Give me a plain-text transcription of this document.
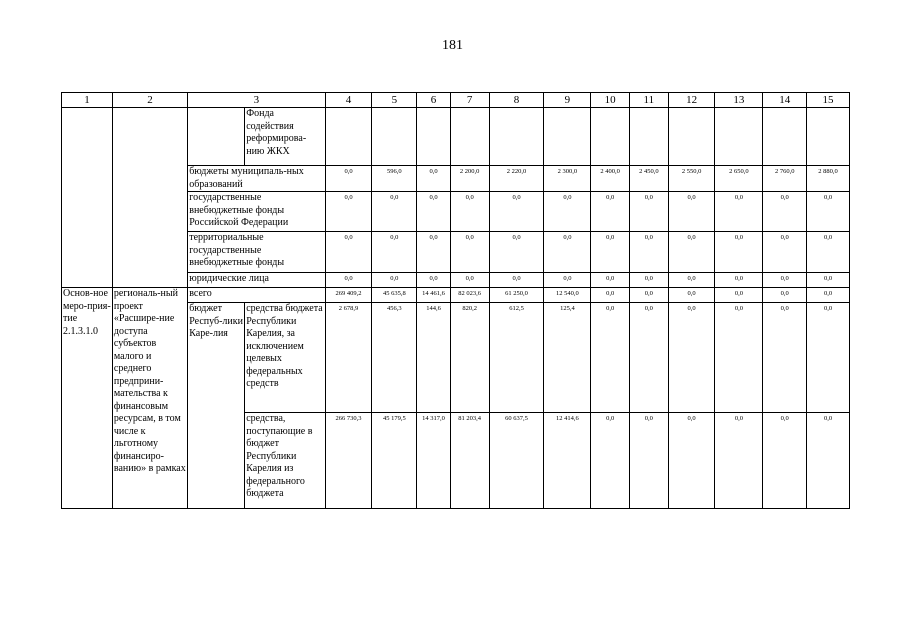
181
1	2	3		4	5	6	7	8	9	10	11	12	13	14	15
			Фонда содействия реформирова-нию ЖКХ												
		бюджеты муниципаль-ных образований		0,0	596,0	0,0	2 200,0	2 220,0	2 300,0	2 400,0	2 450,0	2 550,0	2 650,0	2 760,0	2 880,0
		государственные внебюджетные фонды Российской Федерации		0,0	0,0	0,0	0,0	0,0	0,0	0,0	0,0	0,0	0,0	0,0	0,0
		территориальные государственные внебюджетные фонды		0,0	0,0	0,0	0,0	0,0	0,0	0,0	0,0	0,0	0,0	0,0	0,0
		юридические лица		0,0	0,0	0,0	0,0	0,0	0,0	0,0	0,0	0,0	0,0	0,0	0,0
Основ-ное меро-прия-тие 2.1.3.1.0	региональ-ный проект «Расшире-ние доступа субъектов малого и среднего предприни-мательства к финансовым ресурсам, в том числе к льготному финансиро-ванию» в рамках	всего		269 409,2	45 635,8	14 461,6	82 023,6	61 250,0	12 540,0	0,0	0,0	0,0	0,0	0,0	0,0
		бюджет Респуб-лики Каре-лия	средства бюджета Республики Карелия, за исключением целевых федеральных средств	2 678,9	456,3	144,6	820,2	612,5	125,4	0,0	0,0	0,0	0,0	0,0	0,0
			средства, поступающие в бюджет Республики Карелия из федерального бюджета	266 730,3	45 179,5	14 317,0	81 203,4	60 637,5	12 414,6	0,0	0,0	0,0	0,0	0,0	0,0
